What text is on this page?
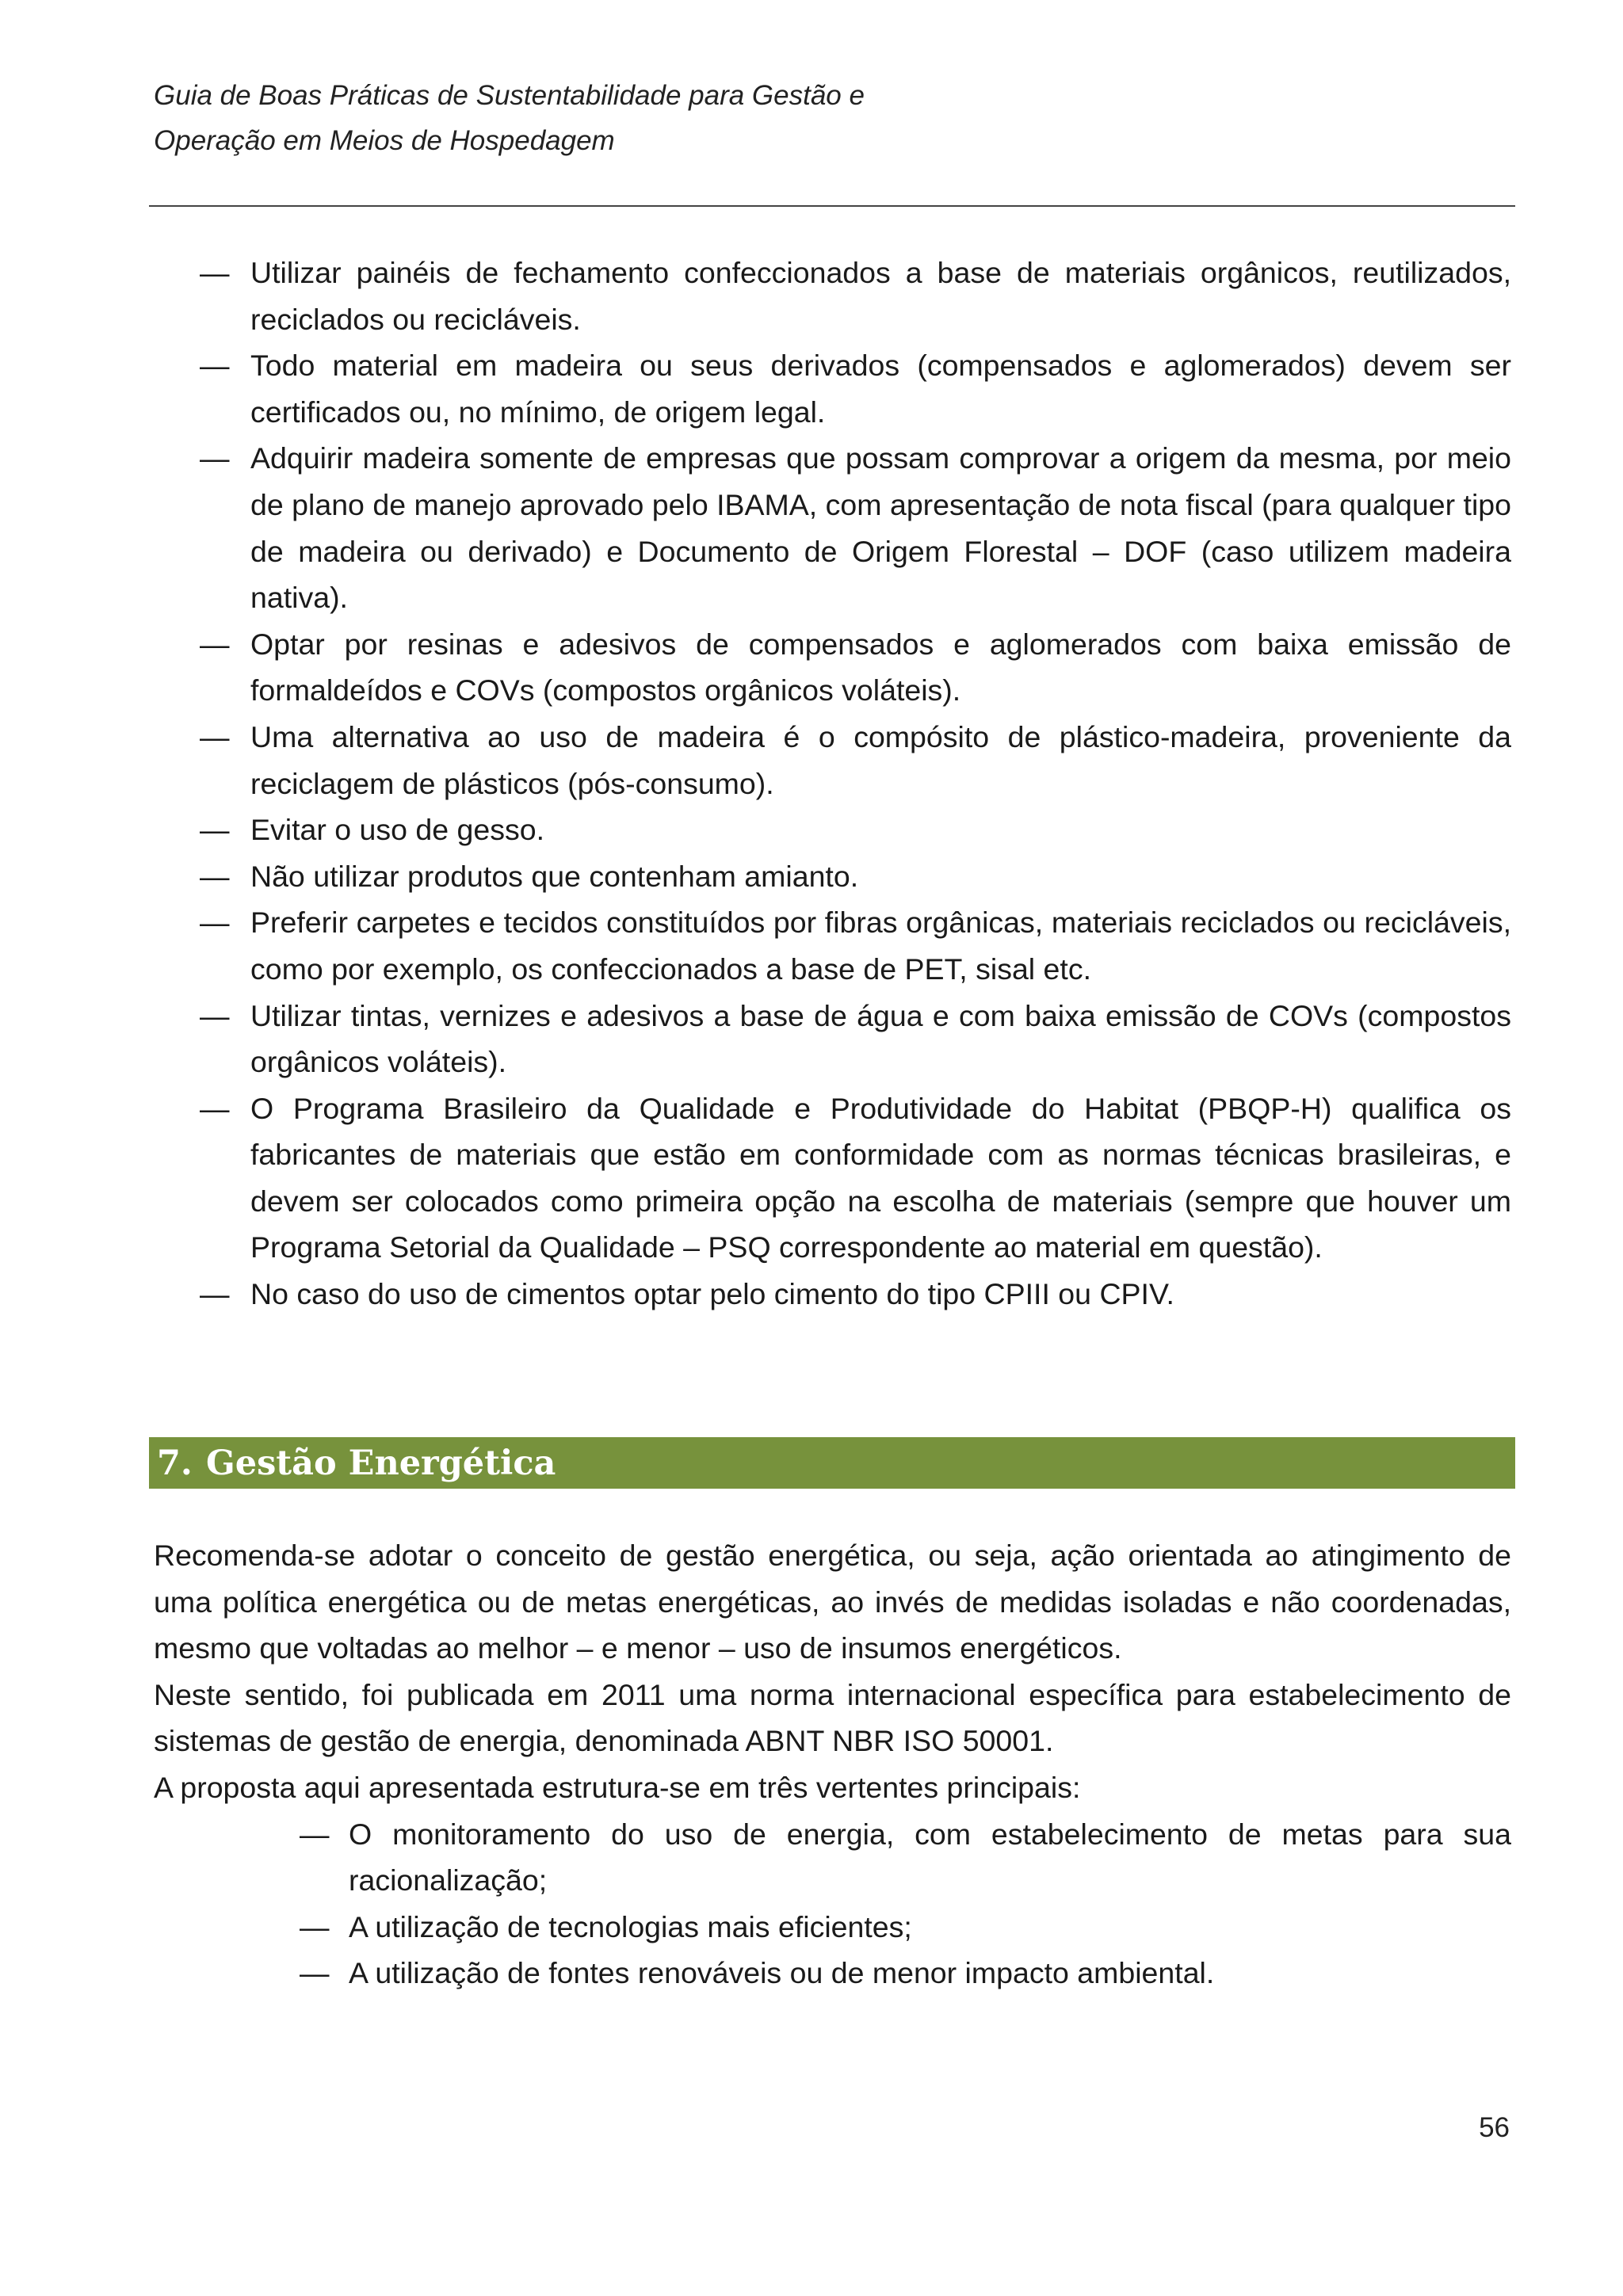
Guia de Boas Práticas de Sustentabilidade para Gestão e
Operação em Meios de Hospedagem
— Utilizar painéis de fechamento confeccionados a base de materiais orgânicos, reutilizados, reciclados ou recicláveis.
— Todo material em madeira ou seus derivados (compensados e aglomerados) devem ser certificados ou, no mínimo, de origem legal.
— Adquirir madeira somente de empresas que possam comprovar a origem da mesma, por meio de plano de manejo aprovado pelo IBAMA, com apresentação de nota fiscal (para qualquer tipo de madeira ou derivado) e Documento de Origem Florestal – DOF (caso utilizem madeira nativa).
— Optar por resinas e adesivos de compensados e aglomerados com baixa emissão de formaldeídos e COVs (compostos orgânicos voláteis).
— Uma alternativa ao uso de madeira é o compósito de plástico-madeira, proveniente da reciclagem de plásticos (pós-consumo).
— Evitar o uso de gesso.
— Não utilizar produtos que contenham amianto.
— Preferir carpetes e tecidos constituídos por fibras orgânicas, materiais reciclados ou recicláveis, como por exemplo, os confeccionados a base de PET, sisal etc.
— Utilizar tintas, vernizes e adesivos a base de água e com baixa emissão de COVs (compostos orgânicos voláteis).
— O Programa Brasileiro da Qualidade e Produtividade do Habitat (PBQP-H) qualifica os fabricantes de materiais que estão em conformidade com as normas técnicas brasileiras, e devem ser colocados como primeira opção na escolha de materiais (sempre que houver um Programa Setorial da Qualidade – PSQ correspondente ao material em questão).
— No caso do uso de cimentos optar pelo cimento do tipo CPIII ou CPIV.
7. Gestão Energética

Recomenda-se adotar o conceito de gestão energética, ou seja, ação orientada ao atingimento de uma política energética ou de metas energéticas, ao invés de medidas isoladas e não coordenadas, mesmo que voltadas ao melhor – e menor – uso de insumos energéticos.

Neste sentido, foi publicada em 2011 uma norma internacional específica para estabelecimento de sistemas de gestão de energia, denominada ABNT NBR ISO 50001.

A proposta aqui apresentada estrutura-se em três vertentes principais:

— O monitoramento do uso de energia, com estabelecimento de metas para sua racionalização;
— A utilização de tecnologias mais eficientes;
— A utilização de fontes renováveis ou de menor impacto ambiental.
56
